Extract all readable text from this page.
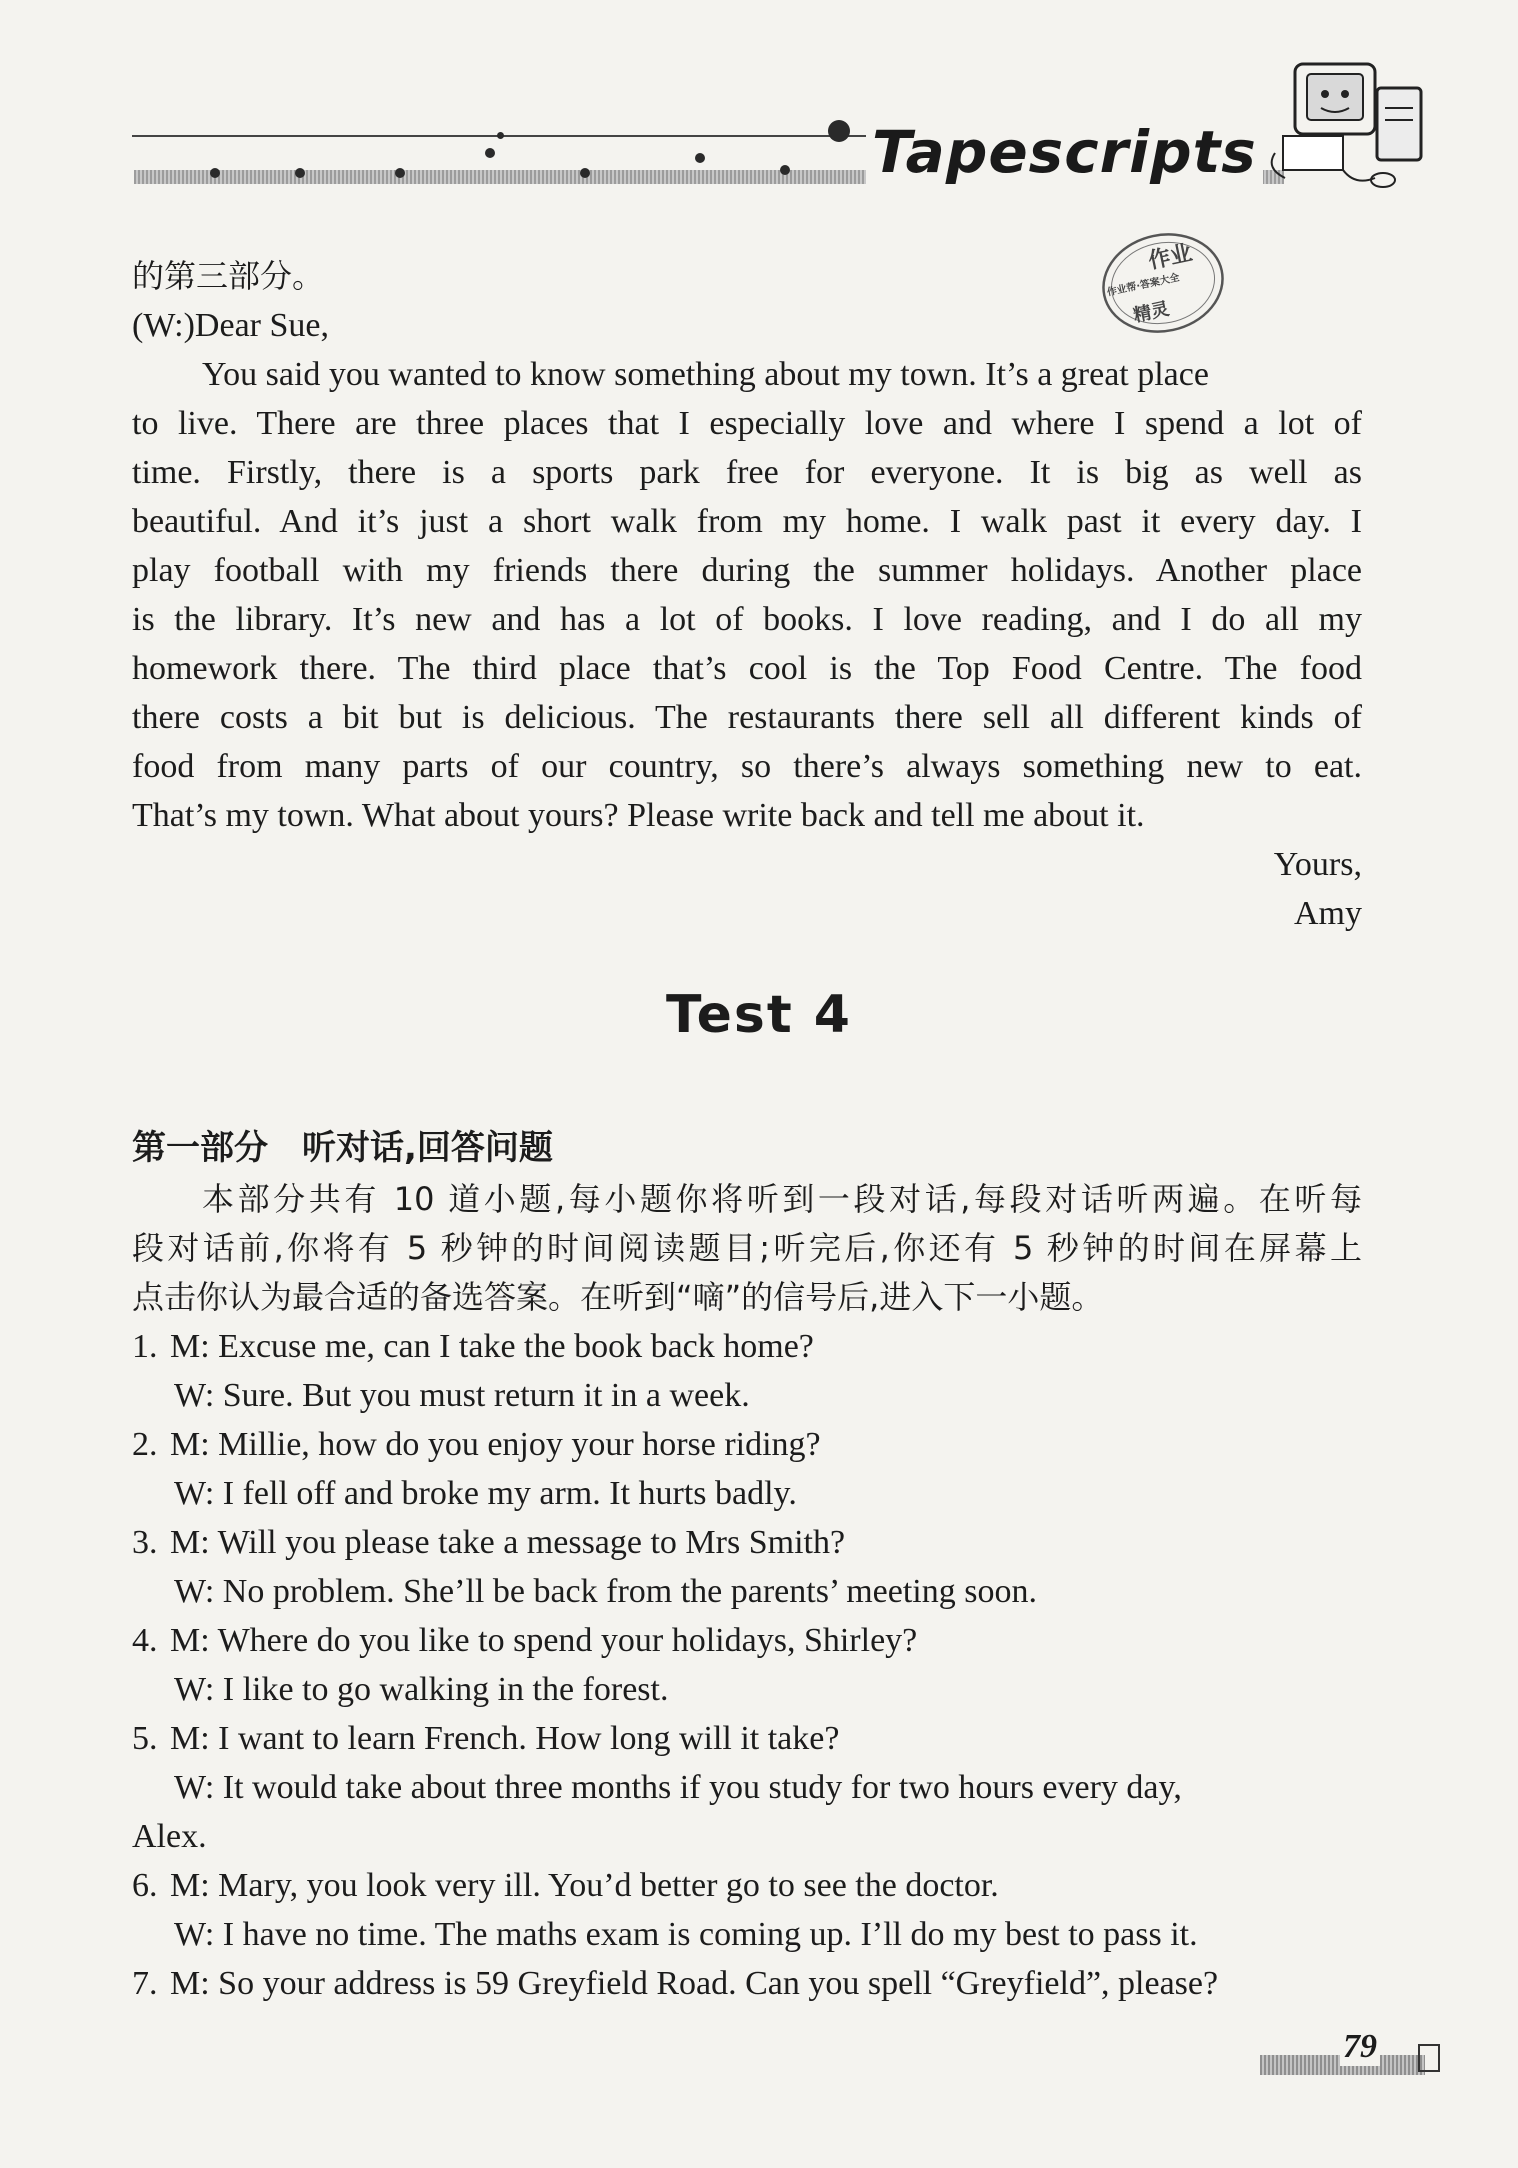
Tapescripts
作业
作业帮·答案大全
精灵

的第三部分。

(W:)Dear Sue,

You said you wanted to know something about my town. It’s a great place

to live. There are three places that I especially love and where I spend a lot of

time. Firstly, there is a sports park free for everyone. It is big as well as

beautiful. And it’s just a short walk from my home. I walk past it every day. I

play football with my friends there during the summer holidays. Another place

is the library. It’s new and has a lot of books. I love reading, and I do all my

homework there. The third place that’s cool is the Top Food Centre. The food

there costs a bit but is delicious. The restaurants there sell all different kinds of

food from many parts of our country, so there’s always something new to eat.

That’s my town. What about yours? Please write back and tell me about it.

Yours,

Amy

Test 4
第一部分　听对话,回答问题

本部分共有 10 道小题,每小题你将听到一段对话,每段对话听两遍。在听每

段对话前,你将有 5 秒钟的时间阅读题目;听完后,你还有 5 秒钟的时间在屏幕上

点击你认为最合适的备选答案。在听到“嘀”的信号后,进入下一小题。

1. M: Excuse me, can I take the book back home?

W: Sure. But you must return it in a week.

2. M: Millie, how do you enjoy your horse riding?

W: I fell off and broke my arm. It hurts badly.

3. M: Will you please take a message to Mrs Smith?

W: No problem. She’ll be back from the parents’ meeting soon.

4. M: Where do you like to spend your holidays, Shirley?

W: I like to go walking in the forest.

5. M: I want to learn French. How long will it take?

W: It would take about three months if you study for two hours every day,

Alex.

6. M: Mary, you look very ill. You’d better go to see the doctor.

W: I have no time. The maths exam is coming up. I’ll do my best to pass it.

7. M: So your address is 59 Greyfield Road. Can you spell “Greyfield”, please?

79
